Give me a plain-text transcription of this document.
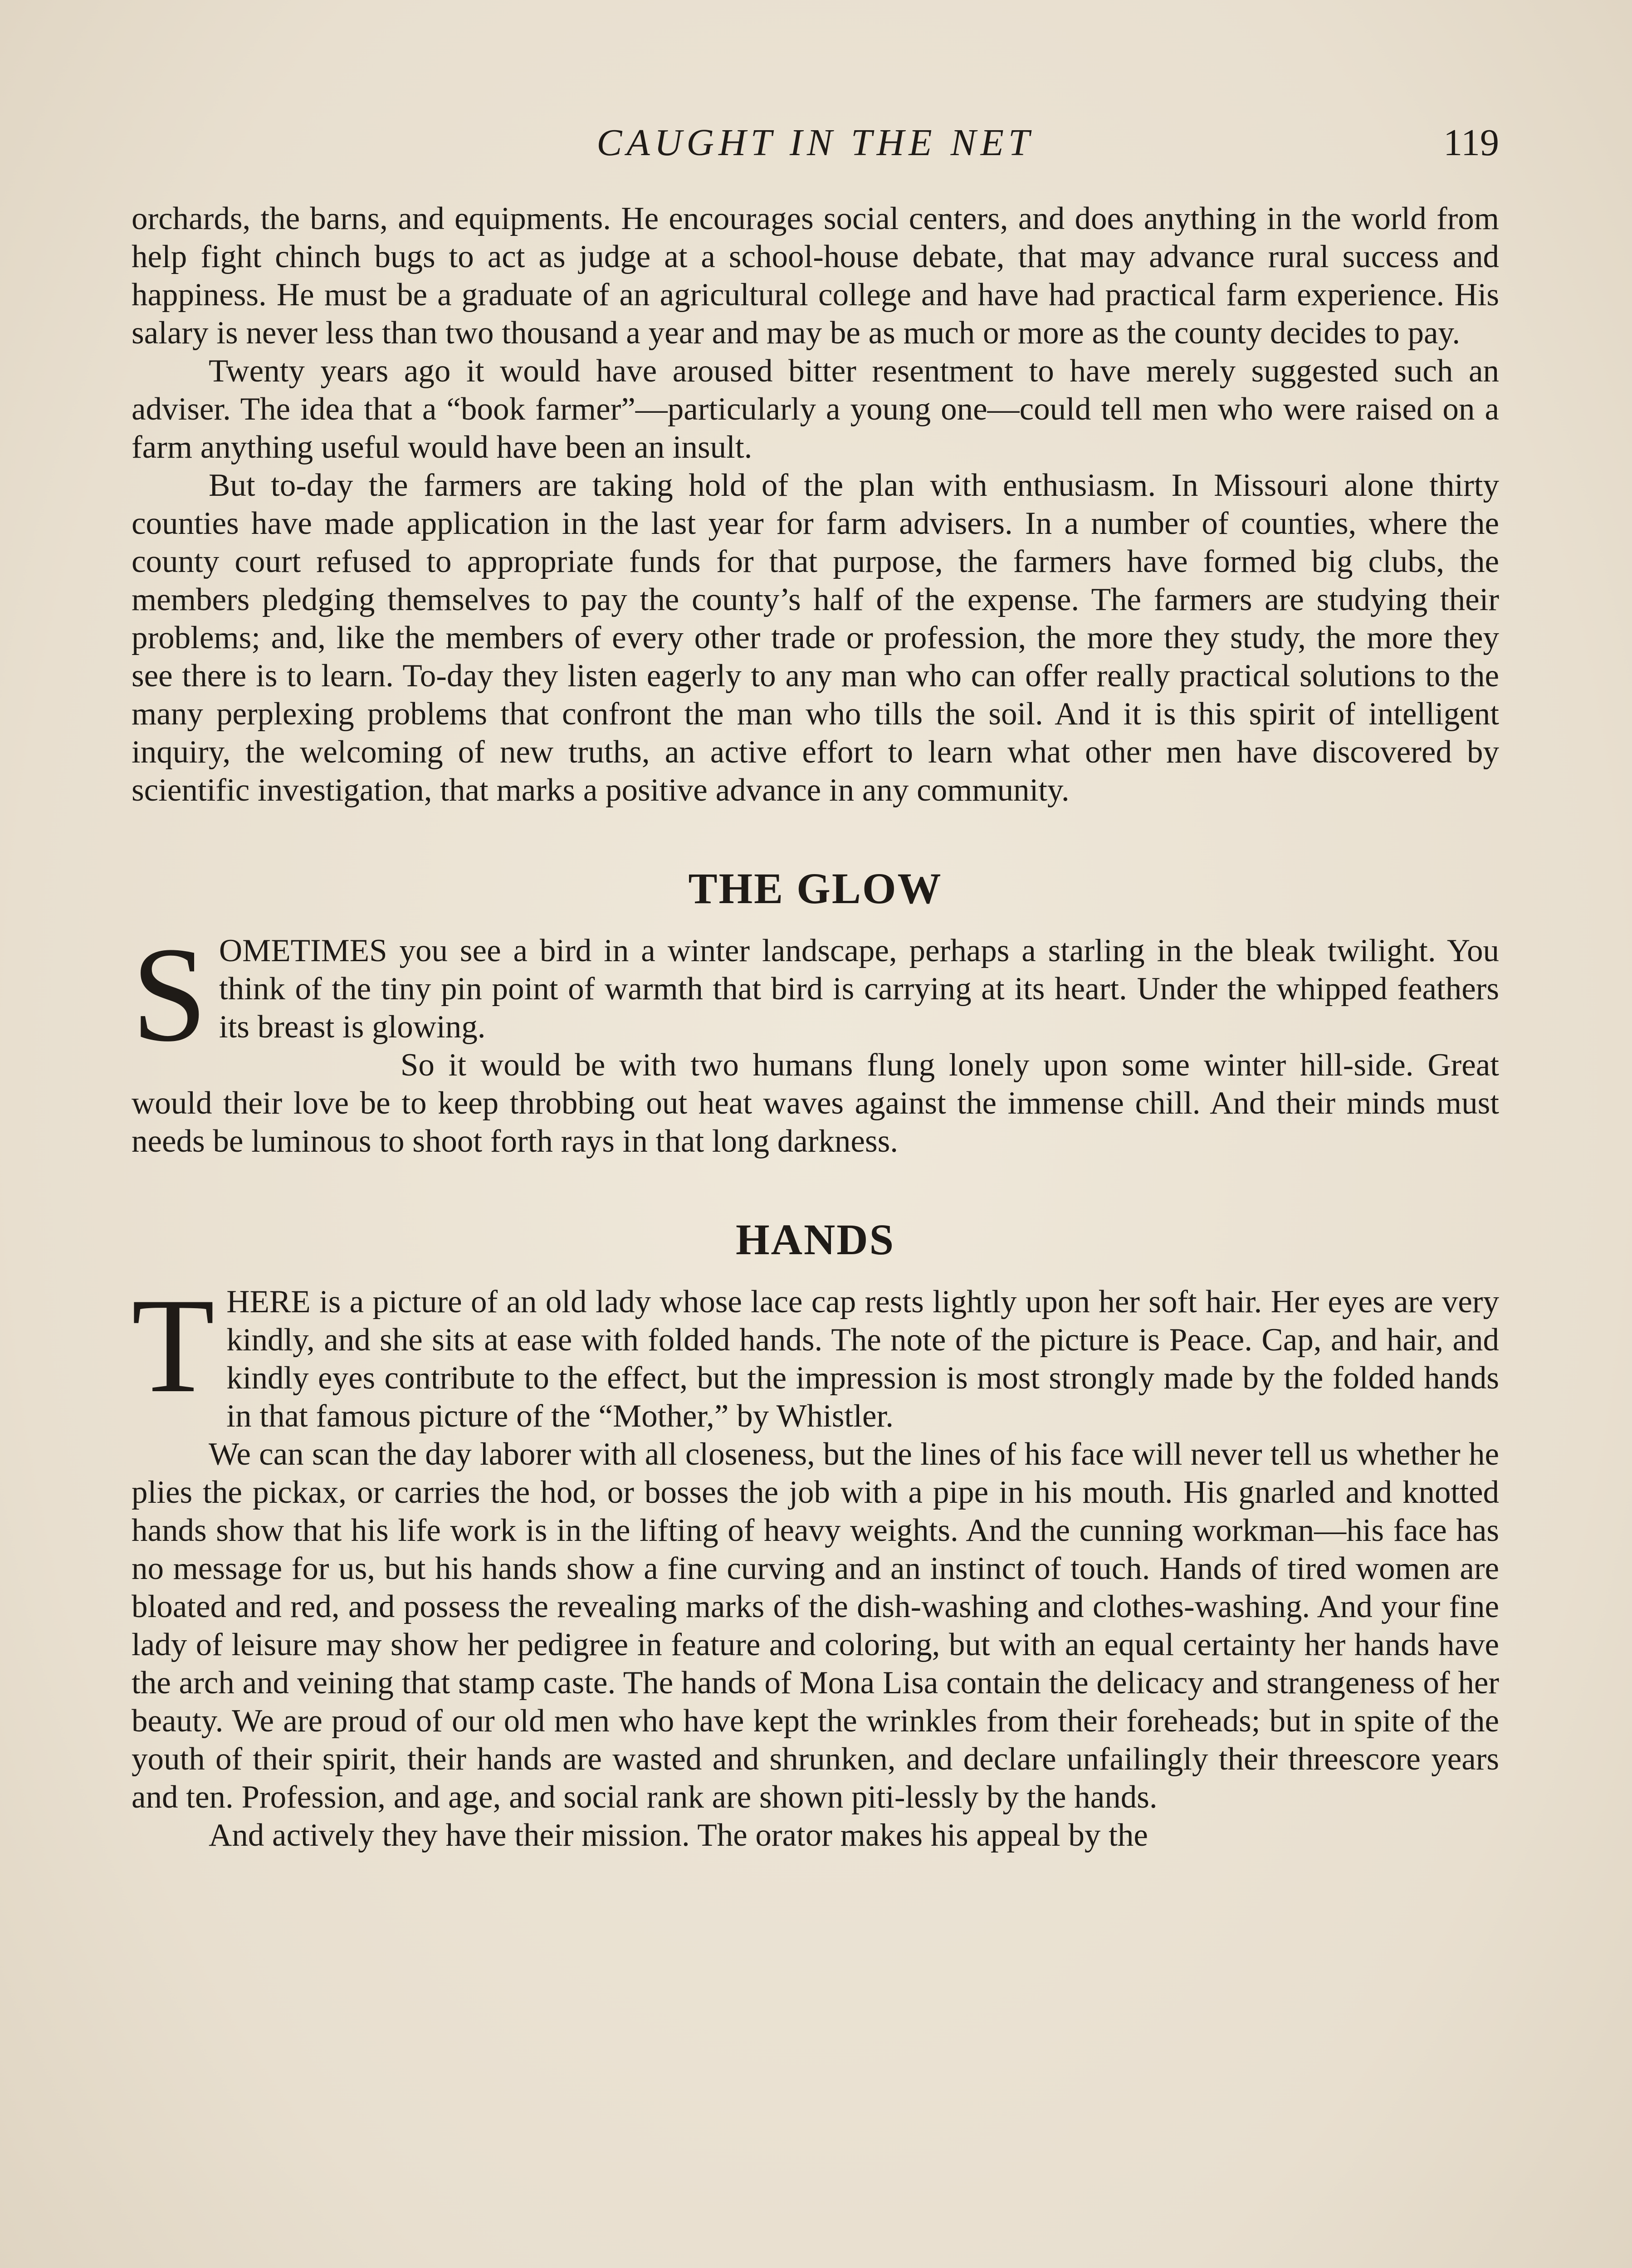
CAUGHT IN THE NET	119

orchards, the barns, and equipments. He encourages social centers, and does anything in the world from help fight chinch bugs to act as judge at a school-house debate, that may advance rural success and happiness. He must be a graduate of an agricultural college and have had practical farm experience. His salary is never less than two thousand a year and may be as much or more as the county decides to pay.

Twenty years ago it would have aroused bitter resentment to have merely suggested such an adviser. The idea that a “book farmer”—particularly a young one—could tell men who were raised on a farm anything useful would have been an insult.

But to-day the farmers are taking hold of the plan with enthusiasm. In Missouri alone thirty counties have made application in the last year for farm advisers. In a number of counties, where the county court refused to appropriate funds for that purpose, the farmers have formed big clubs, the members pledging themselves to pay the county’s half of the expense. The farmers are studying their problems; and, like the members of every other trade or profession, the more they study, the more they see there is to learn. To-day they listen eagerly to any man who can offer really practical solutions to the many perplexing problems that confront the man who tills the soil. And it is this spirit of intelligent inquiry, the welcoming of new truths, an active effort to learn what other men have discovered by scientific investigation, that marks a positive advance in any community.

THE GLOW

SOMETIMES you see a bird in a winter landscape, perhaps a starling in the bleak twilight. You think of the tiny pin point of warmth that bird is carrying at its heart. Under the whipped feathers its breast is glowing.

So it would be with two humans flung lonely upon some winter hill-side. Great would their love be to keep throbbing out heat waves against the immense chill. And their minds must needs be luminous to shoot forth rays in that long darkness.

HANDS

THERE is a picture of an old lady whose lace cap rests lightly upon her soft hair. Her eyes are very kindly, and she sits at ease with folded hands. The note of the picture is Peace. Cap, and hair, and kindly eyes contribute to the effect, but the impression is most strongly made by the folded hands in that famous picture of the “Mother,” by Whistler.

We can scan the day laborer with all closeness, but the lines of his face will never tell us whether he plies the pickax, or carries the hod, or bosses the job with a pipe in his mouth. His gnarled and knotted hands show that his life work is in the lifting of heavy weights. And the cunning workman—his face has no message for us, but his hands show a fine curving and an instinct of touch. Hands of tired women are bloated and red, and possess the revealing marks of the dish-washing and clothes-washing. And your fine lady of leisure may show her pedigree in feature and coloring, but with an equal certainty her hands have the arch and veining that stamp caste. The hands of Mona Lisa contain the delicacy and strangeness of her beauty. We are proud of our old men who have kept the wrinkles from their foreheads; but in spite of the youth of their spirit, their hands are wasted and shrunken, and declare unfailingly their threescore years and ten. Profession, and age, and social rank are shown piti-lessly by the hands.

And actively they have their mission. The orator makes his appeal by the
